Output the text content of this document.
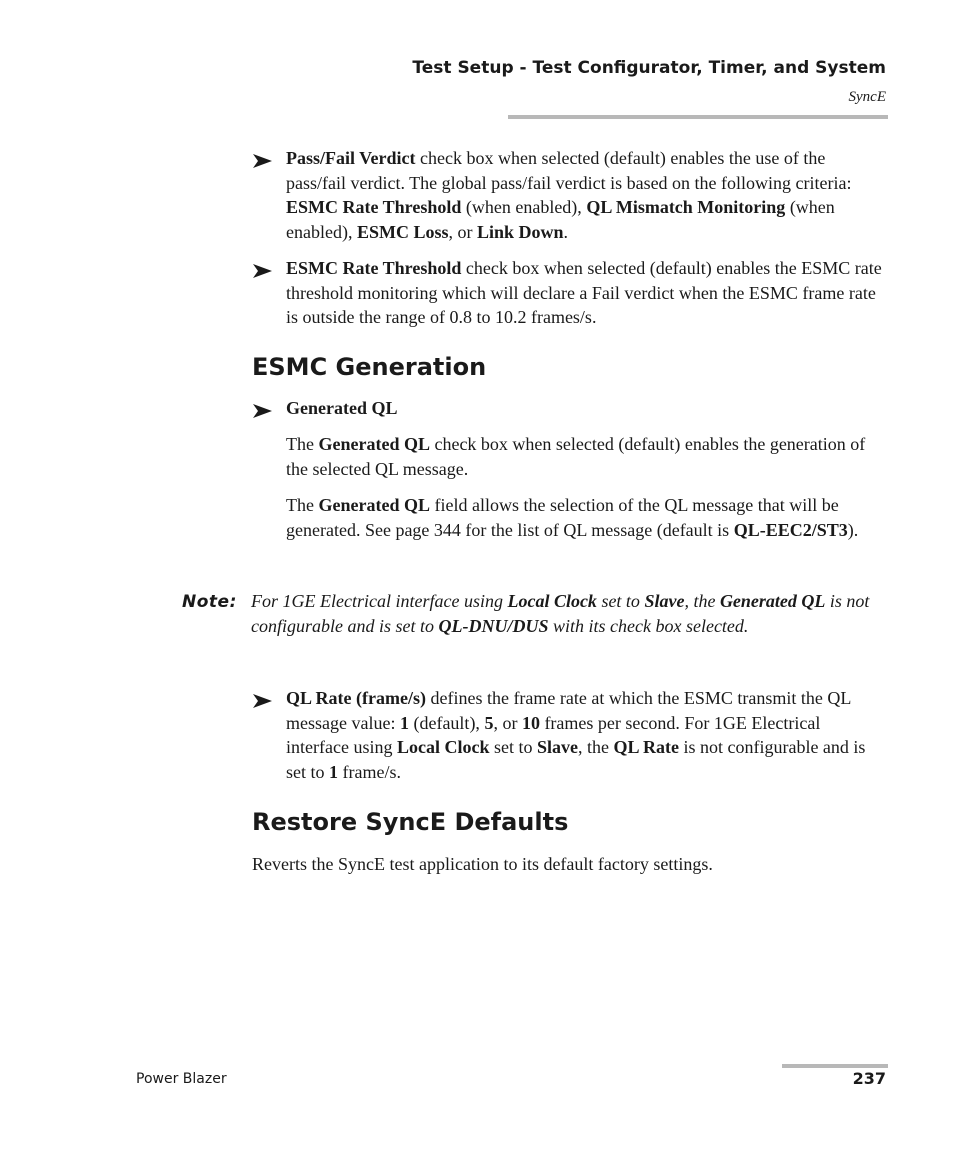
Test Setup - Test Configurator, Timer, and System
SyncE
Pass/Fail Verdict check box when selected (default) enables the use of the pass/fail verdict. The global pass/fail verdict is based on the following criteria: ESMC Rate Threshold (when enabled), QL Mismatch Monitoring (when enabled), ESMC Loss, or Link Down.
ESMC Rate Threshold check box when selected (default) enables the ESMC rate threshold monitoring which will declare a Fail verdict when the ESMC frame rate is outside the range of 0.8 to 10.2 frames/s.
ESMC Generation
Generated QL
The Generated QL check box when selected (default) enables the generation of the selected QL message.
The Generated QL field allows the selection of the QL message that will be generated. See page 344 for the list of QL message (default is QL-EEC2/ST3).
Note: For 1GE Electrical interface using Local Clock set to Slave, the Generated QL is not configurable and is set to QL-DNU/DUS with its check box selected.
QL Rate (frame/s) defines the frame rate at which the ESMC transmit the QL message value: 1 (default), 5, or 10 frames per second. For 1GE Electrical interface using Local Clock set to Slave, the QL Rate is not configurable and is set to 1 frame/s.
Restore SyncE Defaults
Reverts the SyncE test application to its default factory settings.
Power Blazer	237
